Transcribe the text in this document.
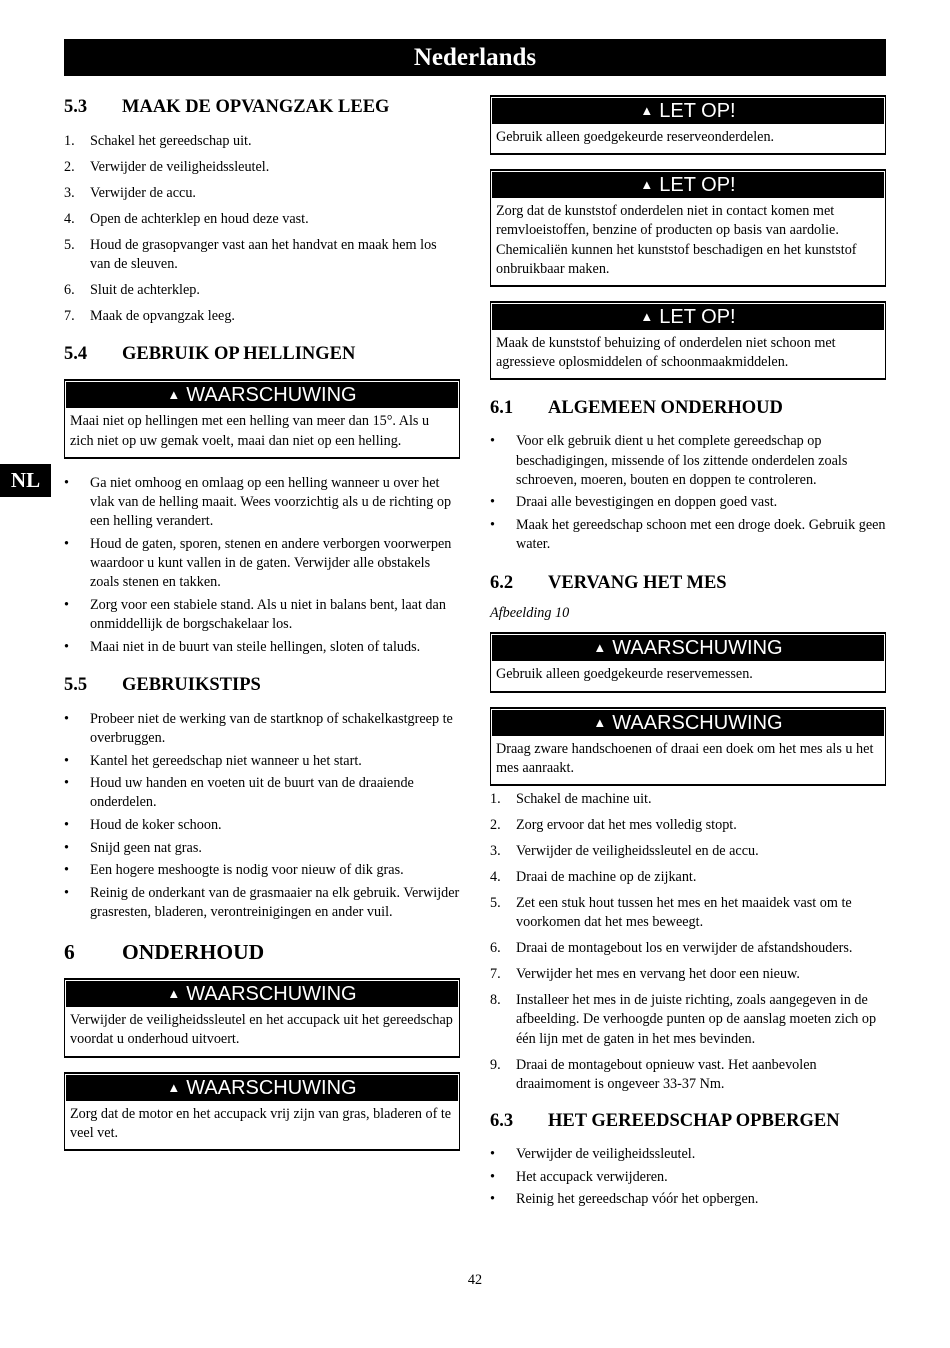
Nederlands
NL
5.3	MAAK DE OPVANGZAK LEEG
1.	Schakel het gereedschap uit.
2.	Verwijder de veiligheidssleutel.
3.	Verwijder de accu.
4.	Open de achterklep en houd deze vast.
5.	Houd de grasopvanger vast aan het handvat en maak hem los van de sleuven.
6.	Sluit de achterklep.
7.	Maak de opvangzak leeg.
5.4	GEBRUIK OP HELLINGEN
▲ WAARSCHUWING
Maai niet op hellingen met een helling van meer dan 15°. Als u zich niet op uw gemak voelt, maai dan niet op een helling.
•	Ga niet omhoog en omlaag op een helling wanneer u over het vlak van de helling maait. Wees voorzichtig als u de richting op een helling verandert.
•	Houd de gaten, sporen, stenen en andere verborgen voorwerpen waardoor u kunt vallen in de gaten. Verwijder alle obstakels zoals stenen en takken.
•	Zorg voor een stabiele stand. Als u niet in balans bent, laat dan onmiddellijk de borgschakelaar los.
•	Maai niet in de buurt van steile hellingen, sloten of taluds.
5.5	GEBRUIKSTIPS
•	Probeer niet de werking van de startknop of schakelkastgreep te overbruggen.
•	Kantel het gereedschap niet wanneer u het start.
•	Houd uw handen en voeten uit de buurt van de draaiende onderdelen.
•	Houd de koker schoon.
•	Snijd geen nat gras.
•	Een hogere meshoogte is nodig voor nieuw of dik gras.
•	Reinig de onderkant van de grasmaaier na elk gebruik. Verwijder grasresten, bladeren, verontreinigingen en ander vuil.
6	ONDERHOUD
▲ WAARSCHUWING
Verwijder de veiligheidssleutel en het accupack uit het gereedschap voordat u onderhoud uitvoert.
▲ WAARSCHUWING
Zorg dat de motor en het accupack vrij zijn van gras, bladeren of te veel vet.
▲ LET OP!
Gebruik alleen goedgekeurde reserveonderdelen.
▲ LET OP!
Zorg dat de kunststof onderdelen niet in contact komen met remvloeistoffen, benzine of producten op basis van aardolie. Chemicaliën kunnen het kunststof beschadigen en het kunststof onbruikbaar maken.
▲ LET OP!
Maak de kunststof behuizing of onderdelen niet schoon met agressieve oplosmiddelen of schoonmaakmiddelen.
6.1	ALGEMEEN ONDERHOUD
•	Voor elk gebruik dient u het complete gereedschap op beschadigingen, missende of los zittende onderdelen zoals schroeven, moeren, bouten en doppen te controleren.
•	Draai alle bevestigingen en doppen goed vast.
•	Maak het gereedschap schoon met een droge doek. Gebruik geen water.
6.2	VERVANG HET MES
Afbeelding 10
▲ WAARSCHUWING
Gebruik alleen goedgekeurde reservemessen.
▲ WAARSCHUWING
Draag zware handschoenen of draai een doek om het mes als u het mes aanraakt.
1.	Schakel de machine uit.
2.	Zorg ervoor dat het mes volledig stopt.
3.	Verwijder de veiligheidssleutel en de accu.
4.	Draai de machine op de zijkant.
5.	Zet een stuk hout tussen het mes en het maaidek vast om te voorkomen dat het mes beweegt.
6.	Draai de montagebout los en verwijder de afstandshouders.
7.	Verwijder het mes en vervang het door een nieuw.
8.	Installeer het mes in de juiste richting, zoals aangegeven in de afbeelding. De verhoogde punten op de aanslag moeten zich op één lijn met de gaten in het mes bevinden.
9.	Draai de montagebout opnieuw vast. Het aanbevolen draaimoment is ongeveer 33-37 Nm.
6.3	HET GEREEDSCHAP OPBERGEN
•	Verwijder de veiligheidssleutel.
•	Het accupack verwijderen.
•	Reinig het gereedschap vóór het opbergen.
42
